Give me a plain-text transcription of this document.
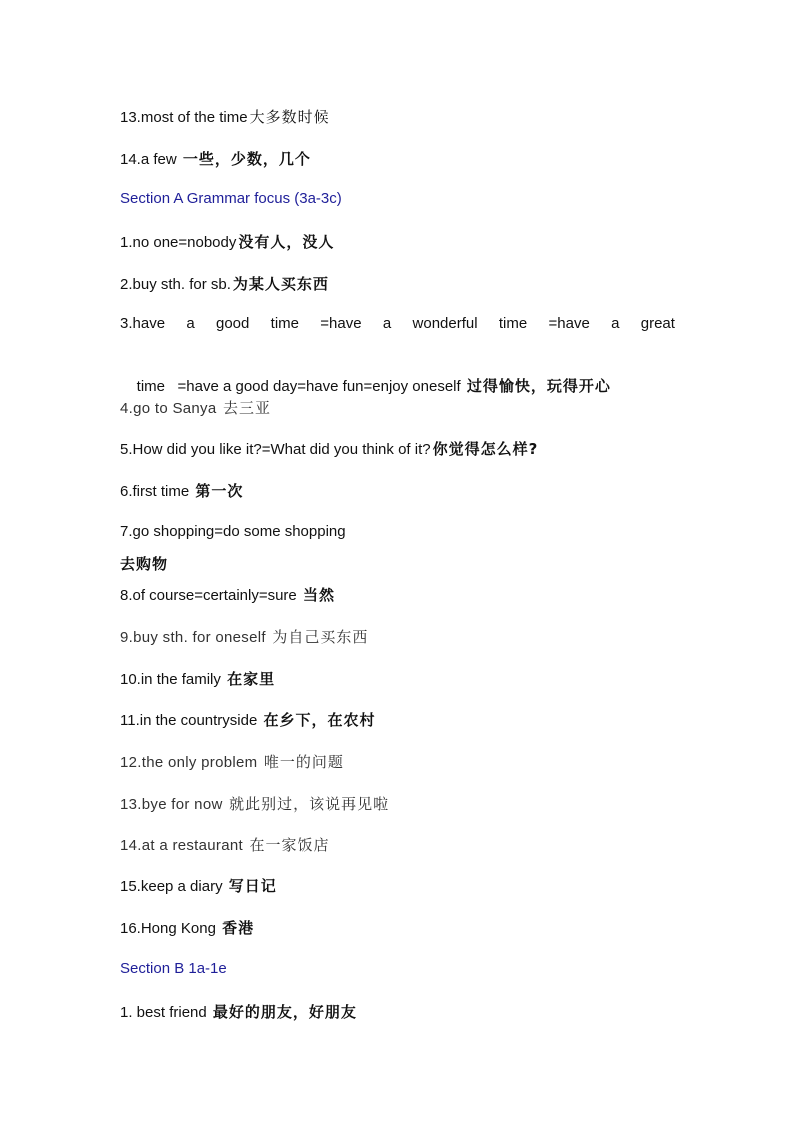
13.most of the time 大多数时候
14.a few 一些，少数，几个
Section A Grammar focus (3a-3c)
1.no one=nobody 没有人，没人
2.buy sth. for sb. 为某人买东西
3.have a good time =have a wonderful time =have a great

time   =have a good day=have fun=enjoy oneself 过得愉快，玩得开心

4.go to Sanya 去三亚
5.How did you like it?=What did you think of it? 你觉得怎么样?
6.first time 第一次
7.go shopping=do some shopping
去购物
8.of course=certainly=sure 当然
9.buy sth. for oneself 为自己买东西
10.in the family 在家里
11.in the countryside 在乡下，在农村
12.the only problem 唯一的问题
13.bye for now 就此别过，该说再见啦
14.at a restaurant 在一家饭店
15.keep a diary 写日记
16.Hong Kong 香港
Section B 1a-1e
1. best friend 最好的朋友，好朋友
